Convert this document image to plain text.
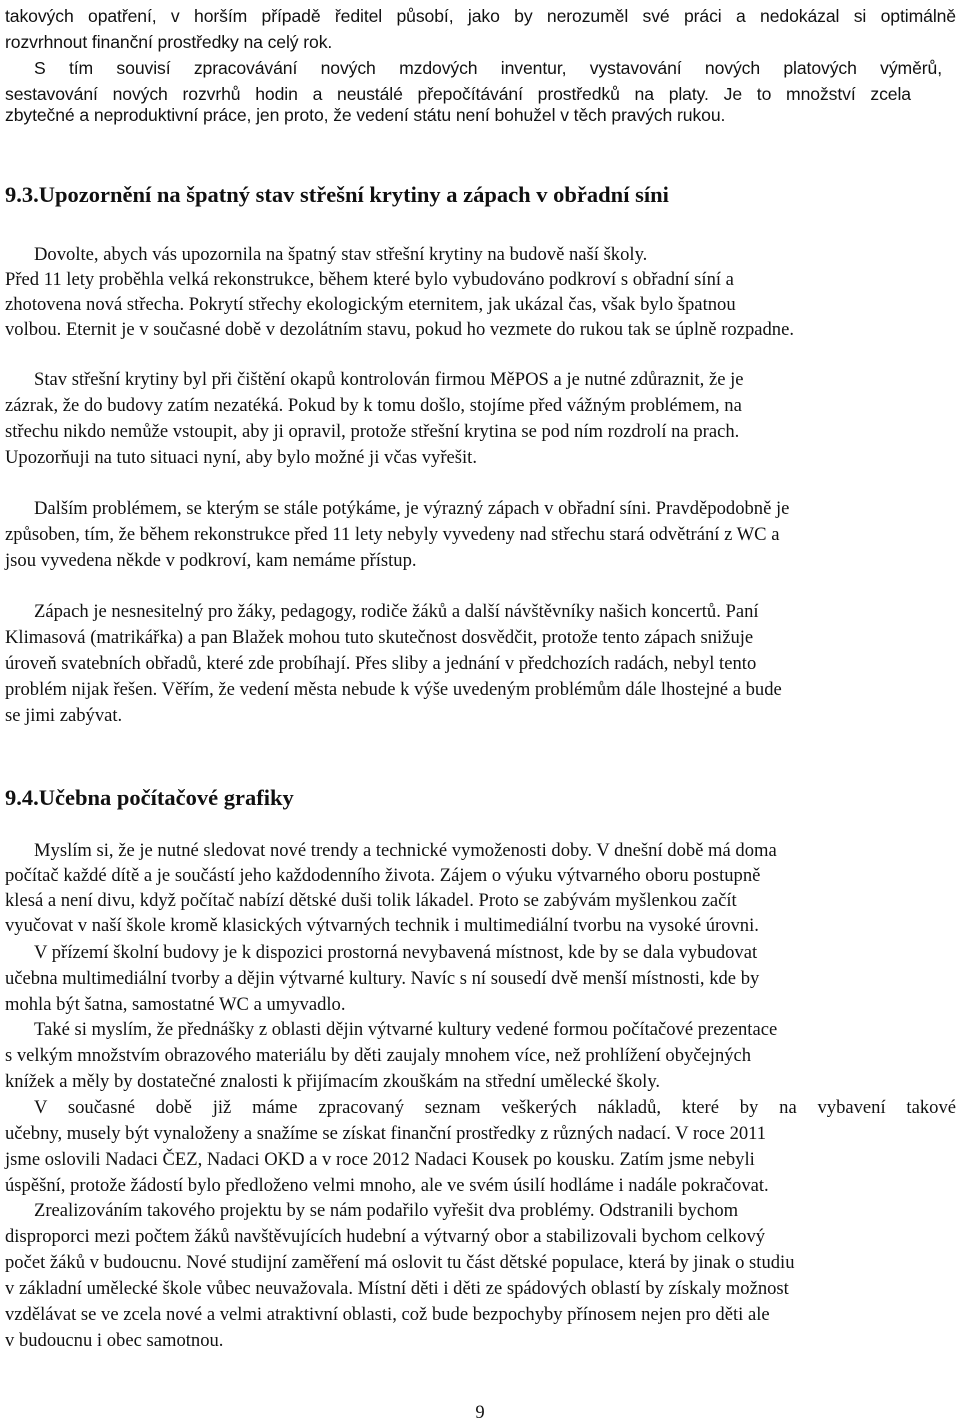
takových opatření, v horším případě ředitel působí, jako by nerozuměl své práci a nedokázal si optimálně

rozvrhnout finanční prostředky na celý rok.

S tím souvisí zpracovávání nových mzdových inventur, vystavování nových platových výměrů,

sestavování nových rozvrhů hodin a neustálé přepočítávání prostředků na platy. Je to množství zcela

zbytečné a neproduktivní práce, jen proto, že vedení státu není bohužel v těch pravých rukou.

9.3.Upozornění na špatný stav střešní krytiny a zápach v obřadní síni

Dovolte, abych vás upozornila na špatný stav střešní krytiny na budově naší školy.

Před 11 lety proběhla velká rekonstrukce, během které bylo vybudováno podkroví s obřadní síní a

zhotovena nová střecha. Pokrytí střechy ekologickým eternitem, jak ukázal čas, však bylo špatnou

volbou. Eternit je v současné době v dezolátním stavu, pokud ho vezmete do rukou tak se úplně rozpadne.

Stav střešní krytiny byl při čištění okapů kontrolován firmou MěPOS a je nutné zdůraznit, že je

zázrak, že do budovy zatím nezatéká. Pokud by k tomu došlo, stojíme před vážným problémem, na

střechu nikdo nemůže vstoupit, aby ji opravil, protože střešní krytina se pod ním rozdrolí na prach.

Upozorňuji na tuto situaci nyní, aby bylo možné ji včas vyřešit.

Dalším problémem, se kterým se stále potýkáme, je výrazný zápach v obřadní síni. Pravděpodobně je

způsoben, tím, že během rekonstrukce před 11 lety nebyly vyvedeny nad střechu stará odvětrání z WC a

jsou vyvedena někde v podkroví, kam nemáme přístup.

Zápach je nesnesitelný pro žáky, pedagogy, rodiče žáků a další návštěvníky našich koncertů. Paní

Klimasová (matrikářka) a pan Blažek mohou tuto skutečnost dosvědčit, protože tento zápach snižuje

úroveň svatebních obřadů, které zde probíhají. Přes sliby a jednání v předchozích radách, nebyl tento

problém nijak řešen. Věřím, že vedení města nebude k výše uvedeným problémům dále lhostejné a bude

se jimi zabývat.

9.4.Učebna počítačové grafiky

Myslím si, že je nutné sledovat nové trendy a technické vymoženosti doby. V dnešní době má doma

počítač každé dítě a je součástí jeho každodenního života. Zájem o výuku výtvarného oboru postupně

klesá a není divu, když počítač nabízí dětské duši tolik lákadel. Proto se zabývám myšlenkou začít

vyučovat v naší škole kromě klasických výtvarných technik i multimediální tvorbu na vysoké úrovni.

V přízemí školní budovy je k dispozici prostorná nevybavená místnost, kde by se dala vybudovat

učebna multimediální tvorby a dějin výtvarné kultury. Navíc s ní sousedí dvě menší místnosti, kde by

mohla být šatna, samostatné WC a umyvadlo.

Také si myslím, že přednášky z oblasti dějin výtvarné kultury vedené formou počítačové prezentace

s velkým množstvím obrazového materiálu by děti zaujaly mnohem více, než prohlížení obyčejných

knížek a měly by dostatečné znalosti k přijímacím zkouškám na střední umělecké školy.

V současné době již máme zpracovaný seznam veškerých nákladů, které by na vybavení takové

učebny, musely být vynaloženy a snažíme se získat finanční prostředky z různých nadací. V roce 2011

jsme oslovili Nadaci ČEZ, Nadaci OKD a v roce 2012 Nadaci Kousek po kousku. Zatím jsme nebyli

úspěšní, protože žádostí bylo předloženo velmi mnoho, ale ve svém úsilí hodláme i nadále pokračovat.

Zrealizováním takového projektu by se nám podařilo vyřešit dva problémy. Odstranili bychom

disproporci mezi počtem žáků navštěvujících hudební a výtvarný obor a stabilizovali bychom celkový

počet žáků v budoucnu. Nové studijní zaměření má oslovit tu část dětské populace, která by jinak o studiu

v základní umělecké škole vůbec neuvažovala. Místní děti i děti ze spádových oblastí by získaly možnost

vzdělávat se ve zcela nové a velmi atraktivní oblasti, což bude bezpochyby přínosem nejen pro děti ale

v budoucnu i obec samotnou.

9
